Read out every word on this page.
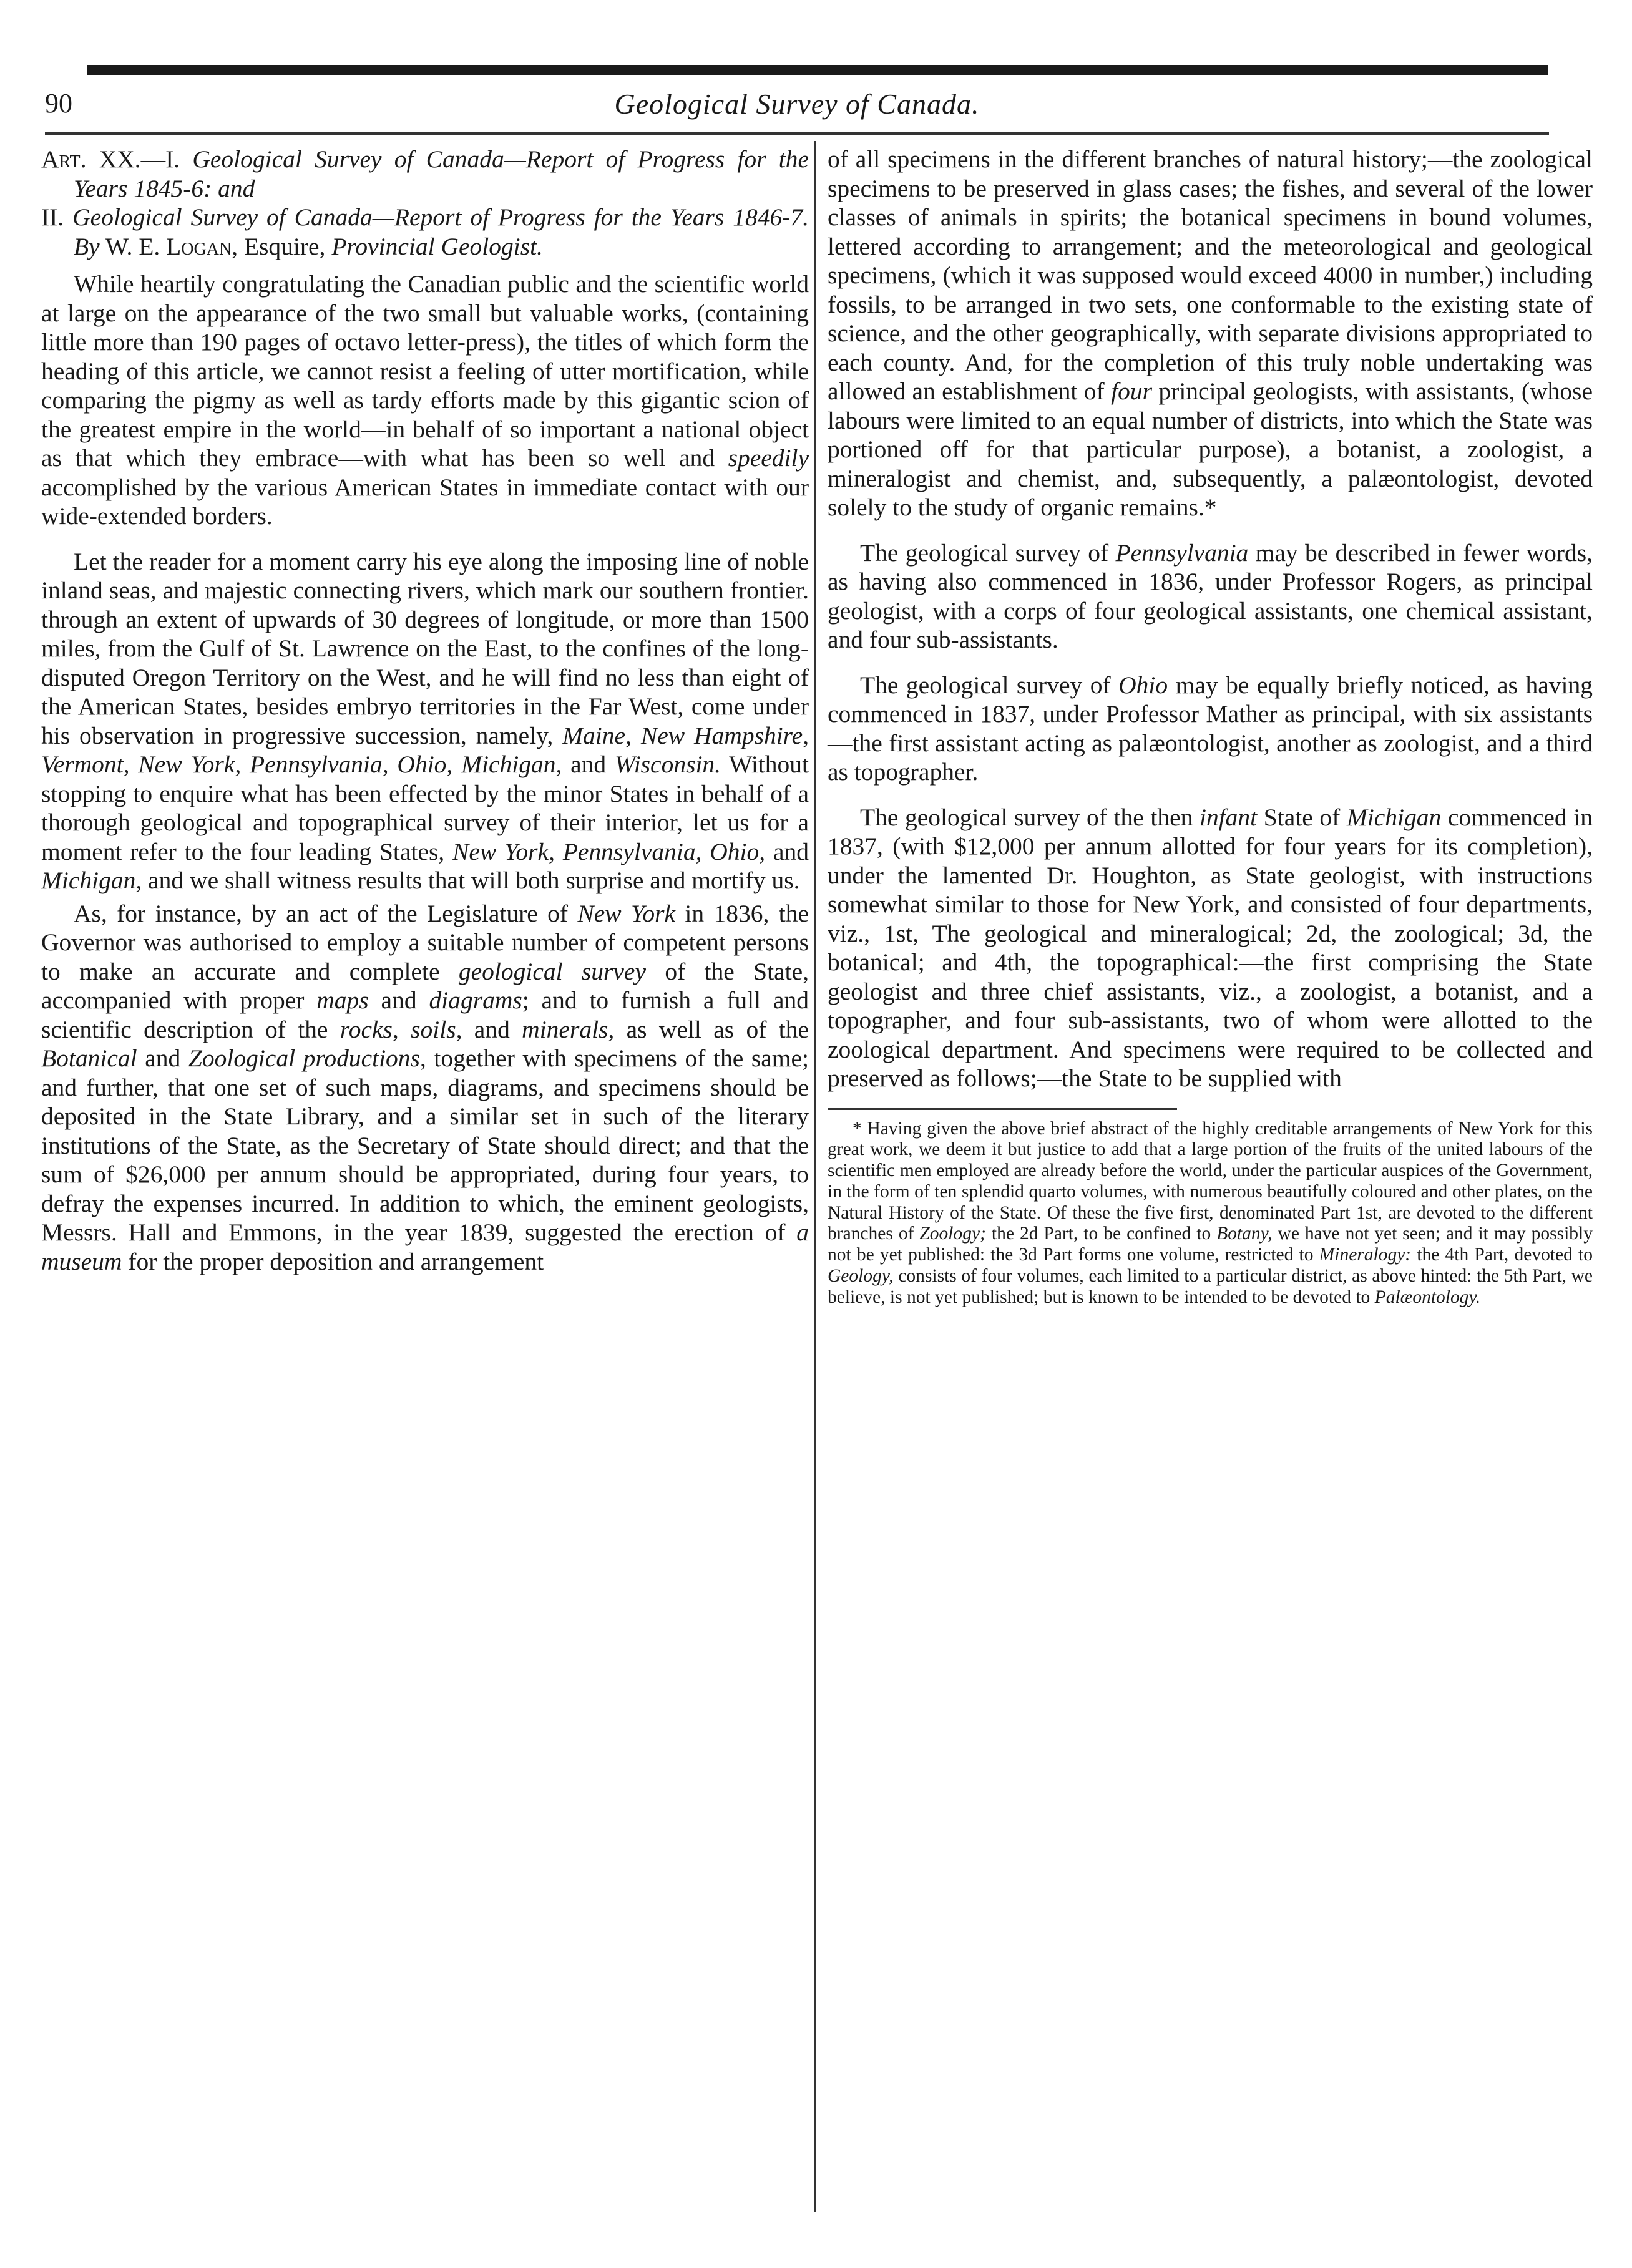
90	Geological Survey of Canada.

Art. XX.—I. Geological Survey of Canada—Report of Progress for the Years 1845-6: and

II. Geological Survey of Canada—Report of Progress for the Years 1846-7. By W. E. Logan, Esquire, Provincial Geologist.

While heartily congratulating the Canadian public and the scientific world at large on the appearance of the two small but valuable works, (containing little more than 190 pages of octavo letter-press), the titles of which form the heading of this article, we cannot resist a feeling of utter mortification, while comparing the pigmy as well as tardy efforts made by this gigantic scion of the greatest empire in the world—in behalf of so important a national object as that which they embrace—with what has been so well and speedily accomplished by the various American States in immediate contact with our wide-extended borders.

Let the reader for a moment carry his eye along the imposing line of noble inland seas, and majestic connecting rivers, which mark our southern frontier. through an extent of upwards of 30 degrees of longitude, or more than 1500 miles, from the Gulf of St. Lawrence on the East, to the confines of the long-disputed Oregon Territory on the West, and he will find no less than eight of the American States, besides embryo territories in the Far West, come under his observation in progressive succession, namely, Maine, New Hampshire, Vermont, New York, Pennsylvania, Ohio, Michigan, and Wisconsin. Without stopping to enquire what has been effected by the minor States in behalf of a thorough geological and topographical survey of their interior, let us for a moment refer to the four leading States, New York, Pennsylvania, Ohio, and Michigan, and we shall witness results that will both surprise and mortify us.

As, for instance, by an act of the Legislature of New York in 1836, the Governor was authorised to employ a suitable number of competent persons to make an accurate and complete geological survey of the State, accompanied with proper maps and diagrams; and to furnish a full and scientific description of the rocks, soils, and minerals, as well as of the Botanical and Zoological productions, together with specimens of the same; and further, that one set of such maps, diagrams, and specimens should be deposited in the State Library, and a similar set in such of the literary institutions of the State, as the Secretary of State should direct; and that the sum of $26,000 per annum should be appropriated, during four years, to defray the expenses incurred. In addition to which, the eminent geologists, Messrs. Hall and Emmons, in the year 1839, suggested the erection of a museum for the proper deposition and arrangement

of all specimens in the different branches of natural history;—the zoological specimens to be preserved in glass cases; the fishes, and several of the lower classes of animals in spirits; the botanical specimens in bound volumes, lettered according to arrangement; and the meteorological and geological specimens, (which it was supposed would exceed 4000 in number,) including fossils, to be arranged in two sets, one conformable to the existing state of science, and the other geographically, with separate divisions appropriated to each county. And, for the completion of this truly noble undertaking was allowed an establishment of four principal geologists, with assistants, (whose labours were limited to an equal number of districts, into which the State was portioned off for that particular purpose), a botanist, a zoologist, a mineralogist and chemist, and, subsequently, a palæontologist, devoted solely to the study of organic remains.*

The geological survey of Pennsylvania may be described in fewer words, as having also commenced in 1836, under Professor Rogers, as principal geologist, with a corps of four geological assistants, one chemical assistant, and four sub-assistants.

The geological survey of Ohio may be equally briefly noticed, as having commenced in 1837, under Professor Mather as principal, with six assistants—the first assistant acting as palæontologist, another as zoologist, and a third as topographer.

The geological survey of the then infant State of Michigan commenced in 1837, (with $12,000 per annum allotted for four years for its completion), under the lamented Dr. Houghton, as State geologist, with instructions somewhat similar to those for New York, and consisted of four departments, viz., 1st, The geological and mineralogical; 2d, the zoological; 3d, the botanical; and 4th, the topographical:—the first comprising the State geologist and three chief assistants, viz., a zoologist, a botanist, and a topographer, and four sub-assistants, two of whom were allotted to the zoological department. And specimens were required to be collected and preserved as follows;—the State to be supplied with

* Having given the above brief abstract of the highly creditable arrangements of New York for this great work, we deem it but justice to add that a large portion of the fruits of the united labours of the scientific men employed are already before the world, under the particular auspices of the Government, in the form of ten splendid quarto volumes, with numerous beautifully coloured and other plates, on the Natural History of the State. Of these the five first, denominated Part 1st, are devoted to the different branches of Zoology; the 2d Part, to be confined to Botany, we have not yet seen; and it may possibly not be yet published: the 3d Part forms one volume, restricted to Mineralogy: the 4th Part, devoted to Geology, consists of four volumes, each limited to a particular district, as above hinted: the 5th Part, we believe, is not yet published; but is known to be intended to be devoted to Palæontology.
